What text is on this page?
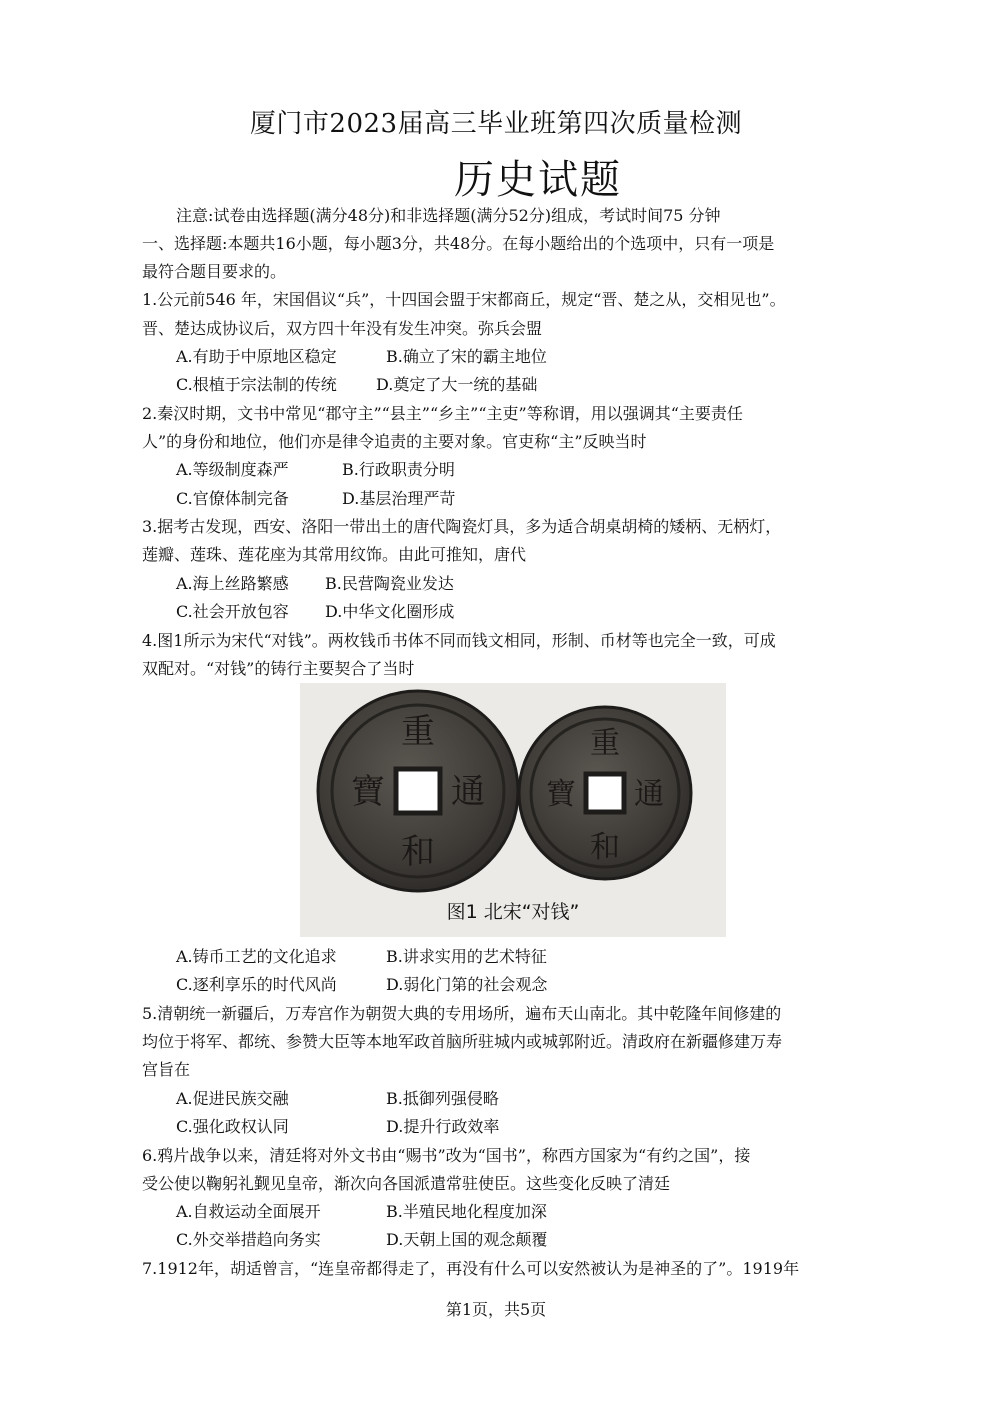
厦门市2023届高三毕业班第四次质量检测
历史试题
注意:试卷由选择题(满分48分)和非选择题(满分52分)组成，考试时间75 分钟
一、选择题:本题共16小题，每小题3分，共48分。在每小题给出的个选项中，只有一项是
最符合题目要求的。
1.公元前546 年，宋国倡议“兵”，十四国会盟于宋都商丘，规定“晋、楚之从，交相见也”。
晋、楚达成协议后，双方四十年没有发生冲突。弥兵会盟
A.有助于中原地区稳定	B.确立了宋的霸主地位
C.根植于宗法制的传统 D.奠定了大一统的基础
2.秦汉时期，文书中常见“郡守主”“县主”“乡主”“主吏”等称谓，用以强调其“主要责任
人”的身份和地位，他们亦是律令追责的主要对象。官吏称“主”反映当时
A.等级制度森严	B.行政职责分明
C.官僚体制完备	D.基层治理严苛
3.据考古发现，西安、洛阳一带出土的唐代陶瓷灯具，多为适合胡桌胡椅的矮柄、无柄灯，
莲瓣、莲珠、莲花座为其常用纹饰。由此可推知，唐代
A.海上丝路繁感 B.民营陶瓷业发达
C.社会开放包容 D.中华文化圈形成
4.图1所示为宋代“对钱”。两枚钱币书体不同而钱文相同，形制、币材等也完全一致，可成
双配对。“对钱”的铸行主要契合了当时
重
通
和
寶
重
通
和
寶
图1 北宋“对钱”
A.铸币工艺的文化追求	B.讲求实用的艺术特征
C.逐利享乐的时代风尚	D.弱化门第的社会观念
5.清朝统一新疆后，万寿宫作为朝贺大典的专用场所，遍布天山南北。其中乾隆年间修建的
均位于将军、都统、参赞大臣等本地军政首脑所驻城内或城郭附近。清政府在新疆修建万寿
宫旨在
A.促进民族交融	B.抵御列强侵略
C.强化政权认同	D.提升行政效率
6.鸦片战争以来，清廷将对外文书由“赐书”改为“国书”，称西方国家为“有约之国”，接
受公使以鞠躬礼觐见皇帝，渐次向各国派遣常驻使臣。这些变化反映了清廷
A.自救运动全面展开	B.半殖民地化程度加深
C.外交举措趋向务实	D.天朝上国的观念颠覆
7.1912年，胡适曾言，“连皇帝都得走了，再没有什么可以安然被认为是神圣的了”。1919年
第1页，共5页
